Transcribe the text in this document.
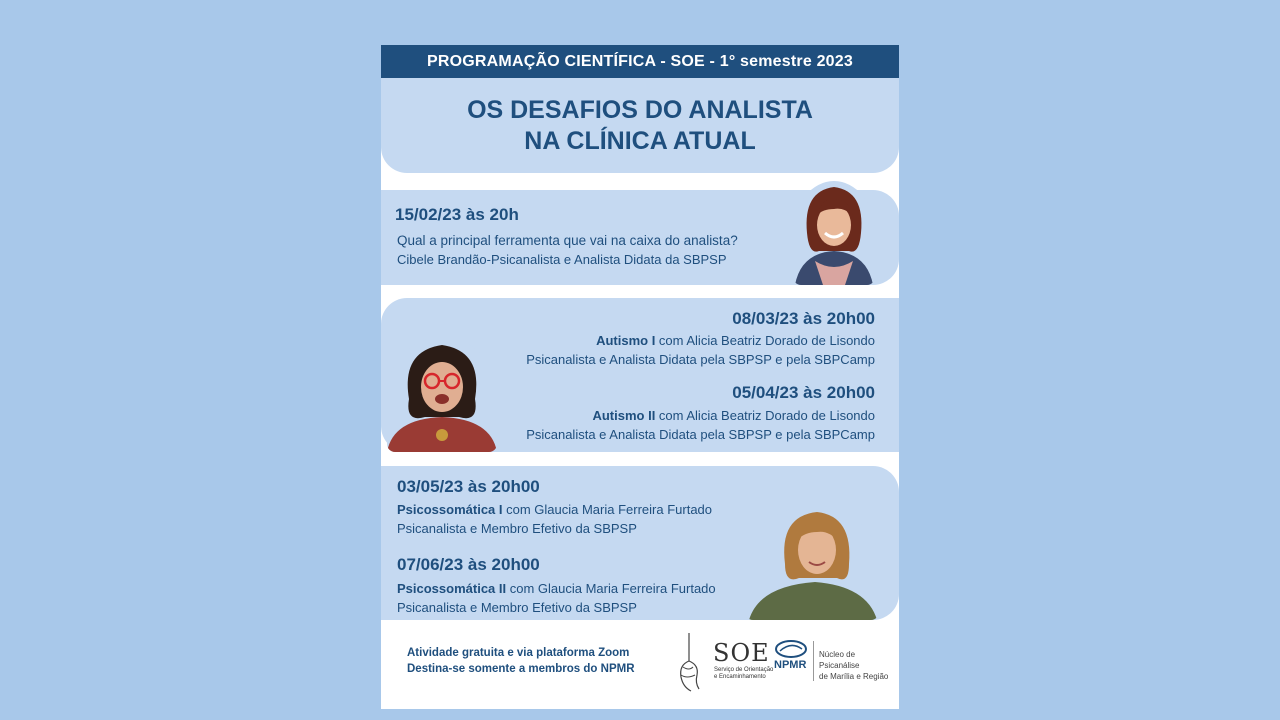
PROGRAMAÇÃO CIENTÍFICA - SOE - 1° semestre 2023
OS DESAFIOS DO ANALISTA
NA CLÍNICA ATUAL
15/02/23 às 20h
Qual a principal ferramenta que vai na caixa do analista?
Cibele Brandão-Psicanalista e Analista Didata da SBPSP
08/03/23 às 20h00
Autismo I com Alicia Beatriz Dorado de Lisondo
Psicanalista e Analista Didata pela SBPSP e pela SBPCamp
05/04/23 às 20h00
Autismo II com Alicia Beatriz Dorado de Lisondo
Psicanalista e Analista Didata pela SBPSP e pela SBPCamp
03/05/23 às 20h00
Psicossomática I com Glaucia Maria Ferreira Furtado
Psicanalista e Membro Efetivo da SBPSP
07/06/23 às 20h00
Psicossomática II com Glaucia Maria Ferreira Furtado
Psicanalista e Membro Efetivo da SBPSP
Atividade gratuita e via plataforma Zoom
Destina-se somente a membros do NPMR
SOE
Serviço de Orientação
e Encaminhamento
NPMR
Núcleo de Psicanálise
de Marília e Região
